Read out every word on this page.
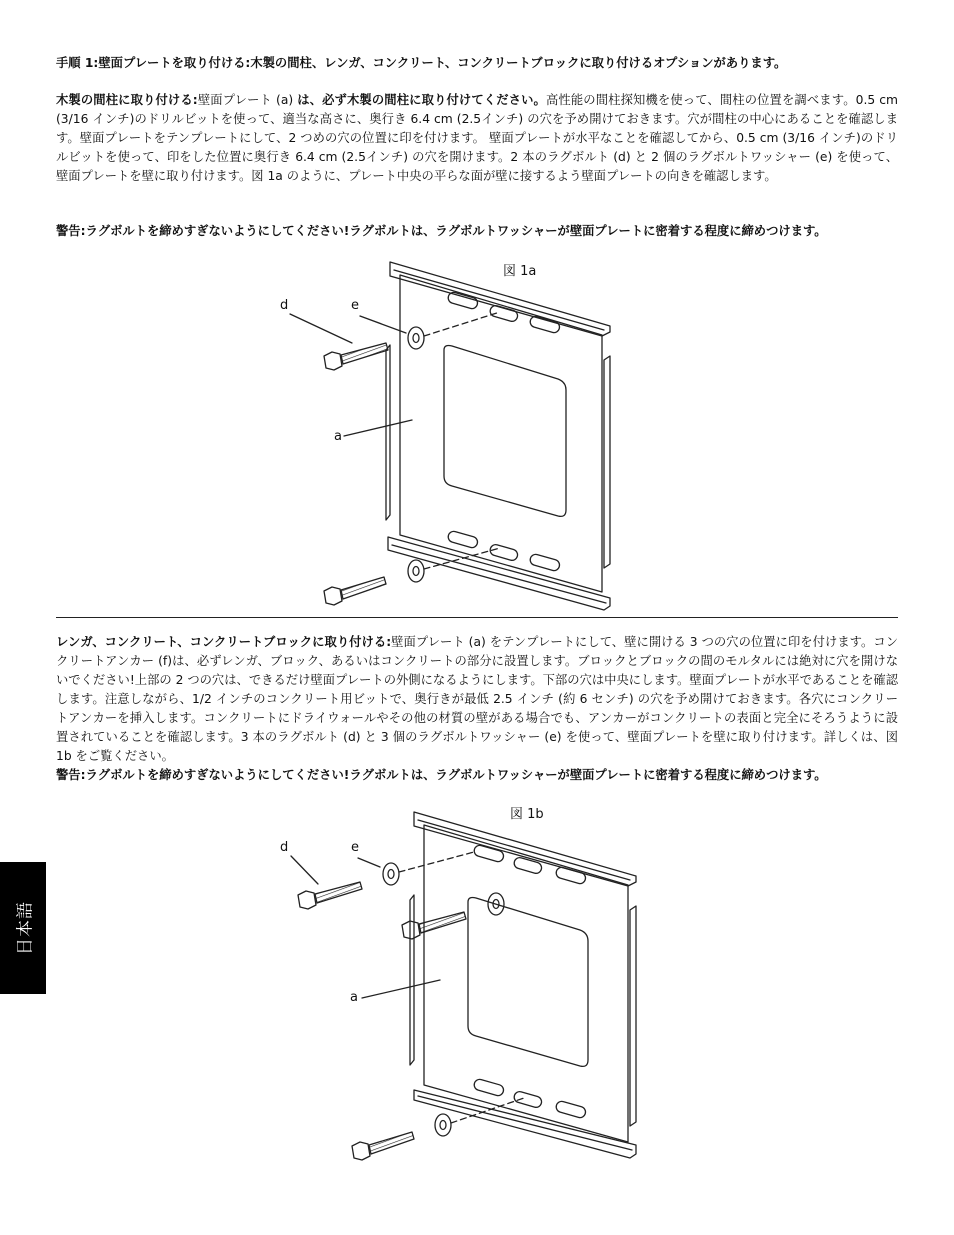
手順 1:壁面プレートを取り付ける:木製の間柱、レンガ、コンクリート、コンクリートブロックに取り付けるオプションがあります。

木製の間柱に取り付ける:壁面プレート (a) は、必ず木製の間柱に取り付けてください。高性能の間柱探知機を使って、間柱の位置を調べます。0.5 cm (3/16 インチ)のドリルビットを使って、適当な高さに、奥行き 6.4 cm (2.5インチ) の穴を予め開けておきます。穴が間柱の中心にあることを確認します。壁面プレートをテンプレートにして、2 つめの穴の位置に印を付けます。 壁面プレートが水平なことを確認してから、0.5 cm (3/16 インチ)のドリルビットを使って、印をした位置に奥行き 6.4 cm (2.5インチ) の穴を開けます。2 本のラグボルト (d) と 2 個のラグボルトワッシャー (e) を使って、壁面プレートを壁に取り付けます。図 1a のように、プレート中央の平らな面が壁に接するよう壁面プレートの向きを確認します。

警告:ラグボルトを締めすぎないようにしてください!ラグボルトは、ラグボルトワッシャーが壁面プレートに密着する程度に締めつけます。

図 1a
d	e
a

レンガ、コンクリート、コンクリートブロックに取り付ける:壁面プレート (a) をテンプレートにして、壁に開ける 3 つの穴の位置に印を付けます。コンクリートアンカー (f)は、必ずレンガ、ブロック、あるいはコンクリートの部分に設置します。ブロックとブロックの間のモルタルには絶対に穴を開けないでください!上部の 2 つの穴は、できるだけ壁面プレートの外側になるようにします。下部の穴は中央にします。壁面プレートが水平であることを確認します。注意しながら、1/2 インチのコンクリート用ビットで、奥行きが最低 2.5 インチ (約 6 センチ) の穴を予め開けておきます。各穴にコンクリートアンカーを挿入します。コンクリートにドライウォールやその他の材質の壁がある場合でも、アンカーがコンクリートの表面と完全にそろうように設置されていることを確認します。3 本のラグボルト (d) と 3 個のラグボルトワッシャー (e) を使って、壁面プレートを壁に取り付けます。詳しくは、図 1b をご覧ください。
警告:ラグボルトを締めすぎないようにしてください!ラグボルトは、ラグボルトワッシャーが壁面プレートに密着する程度に締めつけます。

図 1b
d	e
a
日本語
